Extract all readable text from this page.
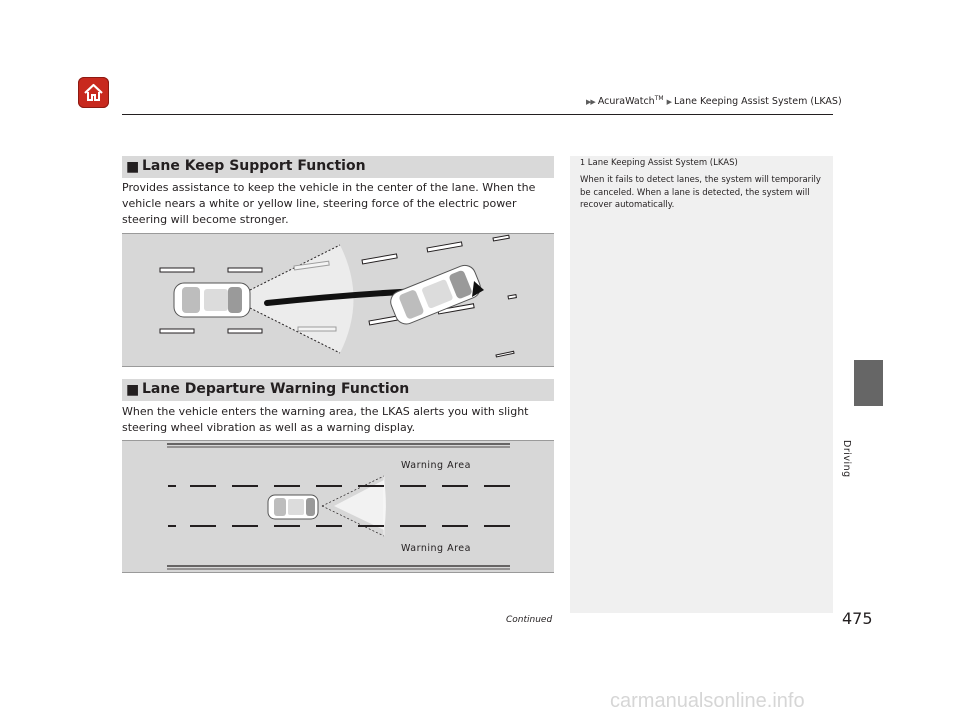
▶▶ AcuraWatch™ ▶ Lane Keeping Assist System (LKAS)
■ Lane Keep Support Function
Provides assistance to keep the vehicle in the center of the lane. When the vehicle nears a white or yellow line, steering force of the electric power steering will become stronger.
■ Lane Departure Warning Function
When the vehicle enters the warning area, the LKAS alerts you with slight steering wheel vibration as well as a warning display.
Warning Area
Warning Area
1 Lane Keeping Assist System (LKAS)
When it fails to detect lanes, the system will temporarily be canceled. When a lane is detected, the system will recover automatically.
Continued	475
Driving
carmanualsonline.info
